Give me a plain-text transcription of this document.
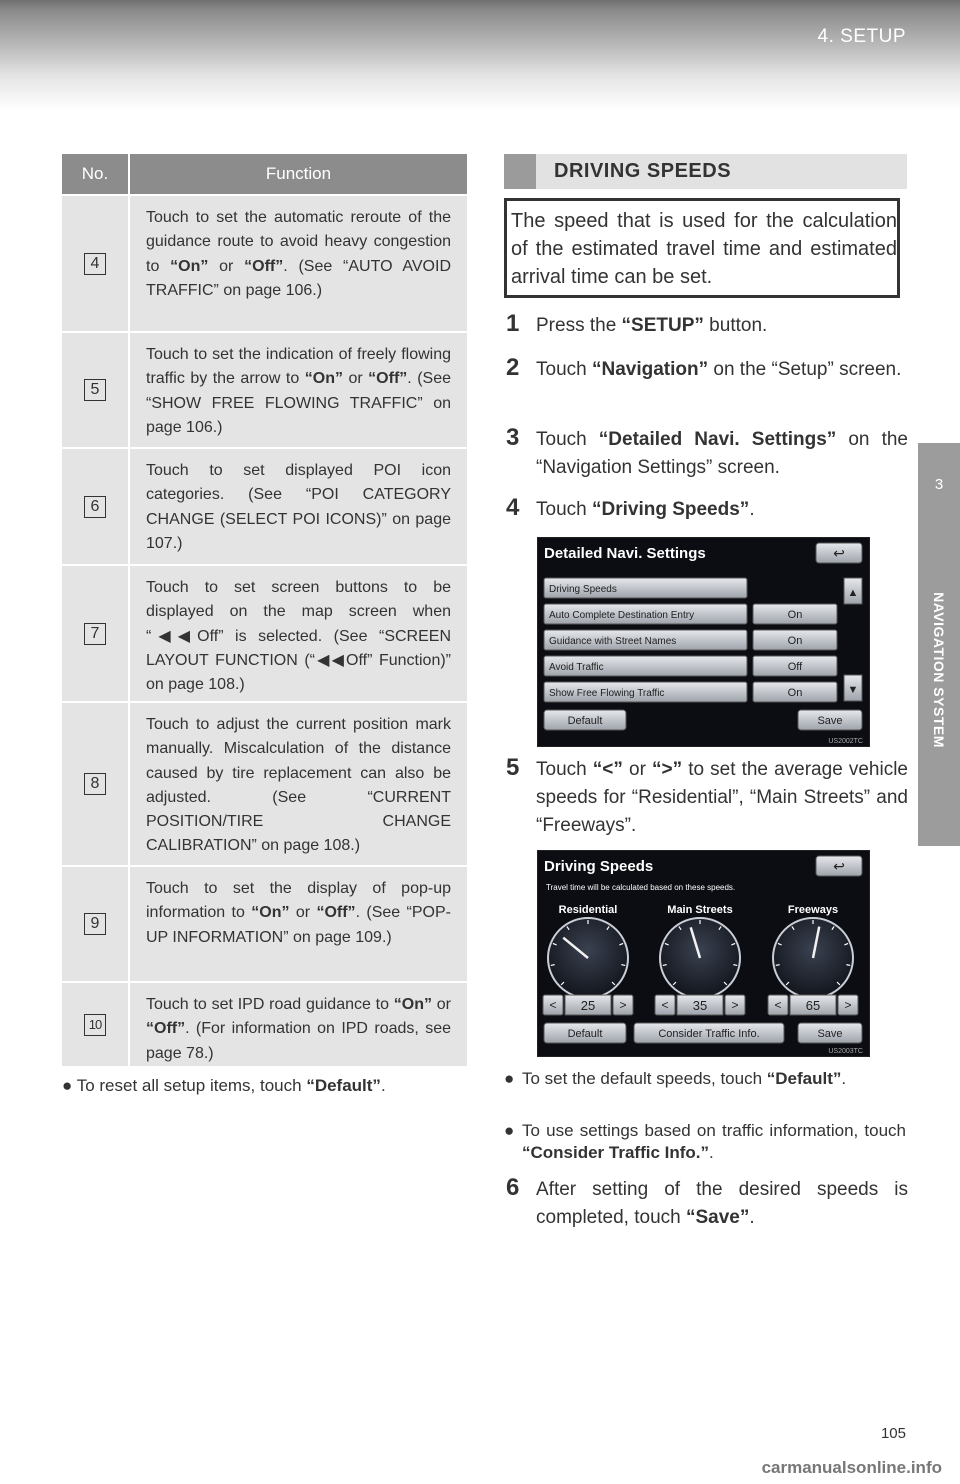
4. SETUP
3
NAVIGATION SYSTEM
No.	Function
4
Touch to set the automatic reroute of the guidance route to avoid heavy congestion to “On” or “Off”. (See “AUTO AVOID TRAFFIC” on page 106.)
5
Touch to set the indication of freely flowing traffic by the arrow to “On” or “Off”. (See “SHOW FREE FLOWING TRAFFIC” on page 106.)
6
Touch to set displayed POI icon categories. (See “POI CATEGORY CHANGE (SELECT POI ICONS)” on page 107.)
7
Touch to set screen buttons to be displayed on the map screen when “◀◀Off” is selected. (See “SCREEN LAYOUT FUNCTION (“◀◀Off” Function)” on page 108.)
8
Touch to adjust the current position mark manually. Miscalculation of the distance caused by tire replacement can also be adjusted. (See “CURRENT POSITION/TIRE CHANGE CALIBRATION” on page 108.)
9
Touch to set the display of pop-up information to “On” or “Off”. (See “POP-UP INFORMATION” on page 109.)
10
Touch to set IPD road guidance to “On” or “Off”. (For information on IPD roads, see page 78.)
● To reset all setup items, touch “Default”.
DRIVING SPEEDS
The speed that is used for the calculation of the estimated travel time and estimated arrival time can be set.
1 Press the “SETUP” button.
2 Touch “Navigation” on the “Setup” screen.
3 Touch “Detailed Navi. Settings” on the “Navigation Settings” screen.
4 Touch “Driving Speeds”.
Detailed Navi. Settings	↩
Driving Speeds
Auto Complete Destination Entry	On
Guidance with Street Names	On
Avoid Traffic	Off
Show Free Flowing Traffic	On
▲
▼
Default	Save
US2002TC
5 Touch “<” or “>” to set the average vehicle speeds for “Residential”, “Main Streets” and “Freeways”.
Driving Speeds	↩
Travel time will be calculated based on these speeds.
Residential
< 25 >
Main Streets
< 35 >
Freeways
< 65 >
Default	Consider Traffic Info.	Save
US2003TC
● To set the default speeds, touch “Default”.
● To use settings based on traffic information, touch “Consider Traffic Info.”.
6 After setting of the desired speeds is completed, touch “Save”.
105
carmanualsonline.info
